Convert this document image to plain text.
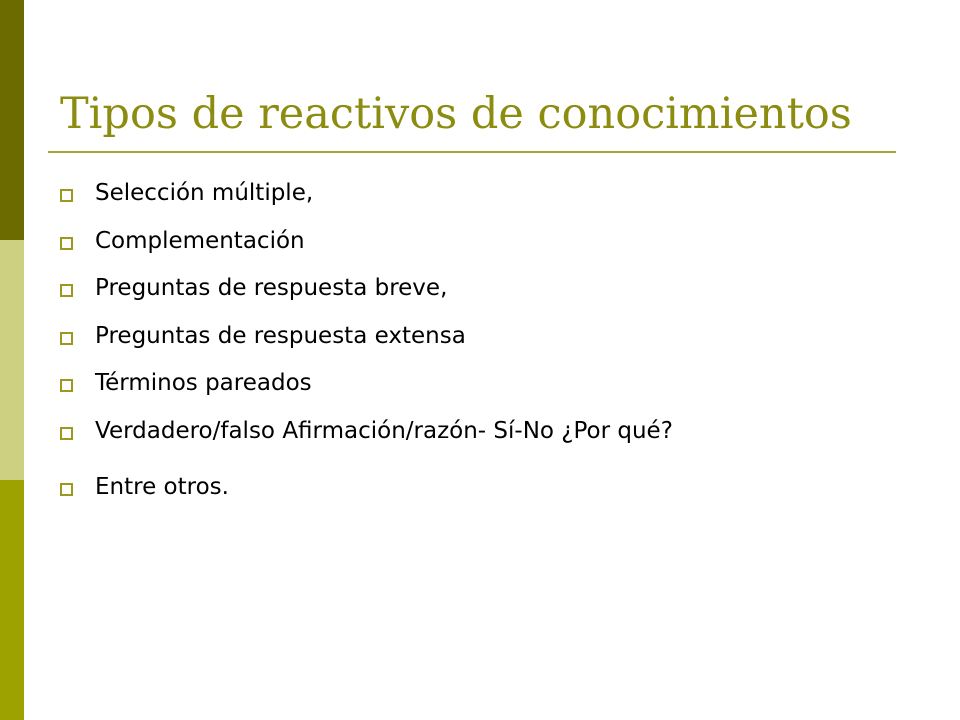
Tipos de reactivos de conocimientos
Selección múltiple,
Complementación
Preguntas de respuesta breve,
Preguntas de respuesta extensa
Términos pareados
Verdadero/falso Afirmación/razón- Sí-No ¿Por qué?
Entre otros.
